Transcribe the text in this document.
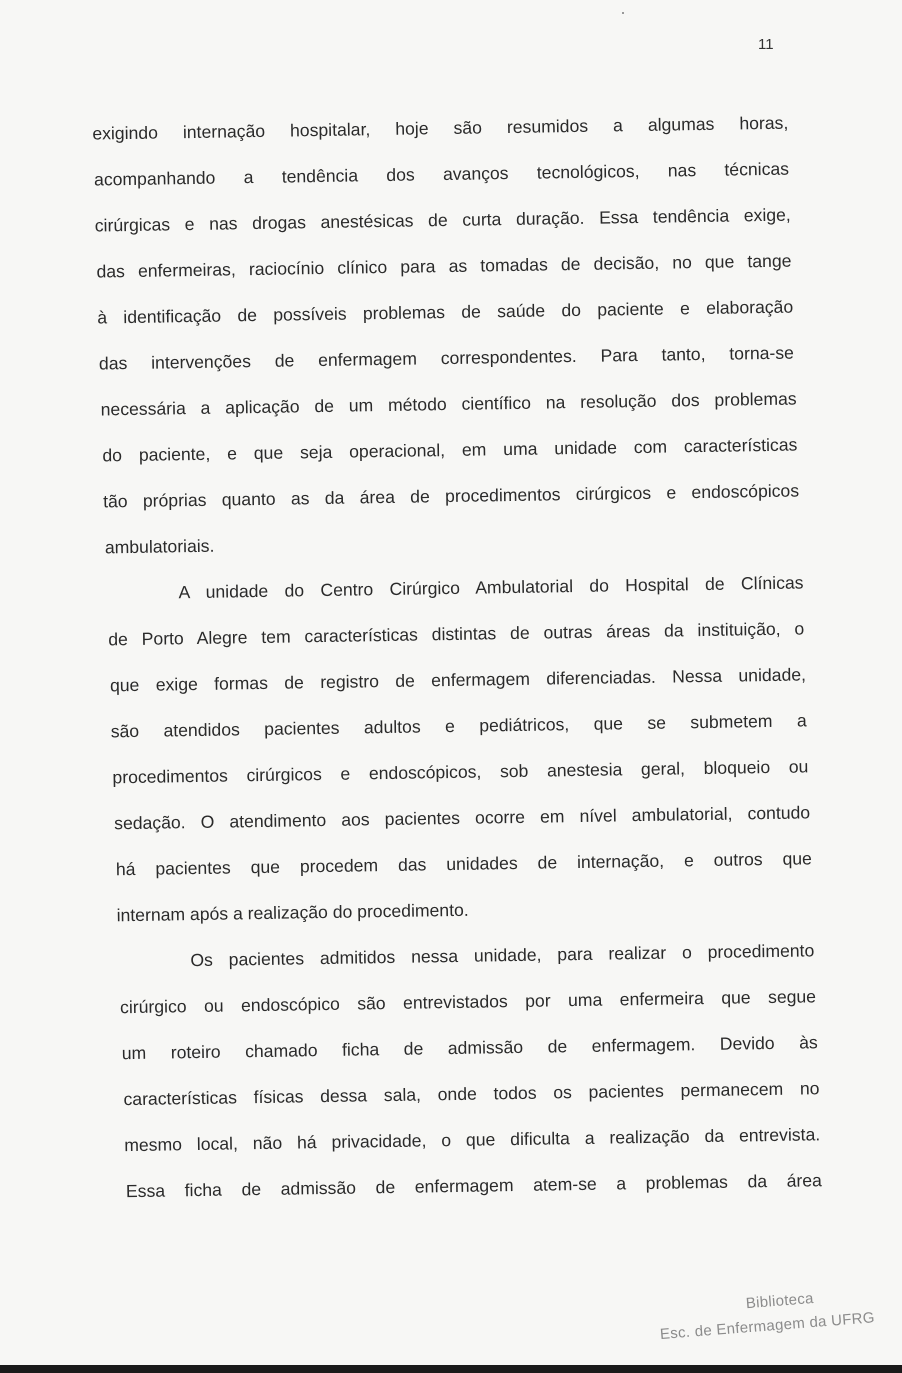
11
exigindo internação hospitalar, hoje são resumidos a algumas horas,
acompanhando a tendência dos avanços tecnológicos, nas técnicas
cirúrgicas e nas drogas anestésicas de curta duração. Essa tendência exige,
das enfermeiras, raciocínio clínico para as tomadas de decisão, no que tange
à identificação de possíveis problemas de saúde do paciente e elaboração
das intervenções de enfermagem correspondentes. Para tanto, torna-se
necessária a aplicação de um método científico na resolução dos problemas
do paciente, e que seja operacional, em uma unidade com características
tão próprias quanto as da área de procedimentos cirúrgicos e endoscópicos
ambulatoriais.
A unidade do Centro Cirúrgico Ambulatorial do Hospital de Clínicas
de Porto Alegre tem características distintas de outras áreas da instituição, o
que exige formas de registro de enfermagem diferenciadas. Nessa unidade,
são atendidos pacientes adultos e pediátricos, que se submetem a
procedimentos cirúrgicos e endoscópicos, sob anestesia geral, bloqueio ou
sedação. O atendimento aos pacientes ocorre em nível ambulatorial, contudo
há pacientes que procedem das unidades de internação, e outros que
internam após a realização do procedimento.
Os pacientes admitidos nessa unidade, para realizar o procedimento
cirúrgico ou endoscópico são entrevistados por uma enfermeira que segue
um roteiro chamado ficha de admissão de enfermagem. Devido às
características físicas dessa sala, onde todos os pacientes permanecem no
mesmo local, não há privacidade, o que dificulta a realização da entrevista.
Essa ficha de admissão de enfermagem atem-se a problemas da área
Biblioteca
Esc. de Enfermagem da UFRG
